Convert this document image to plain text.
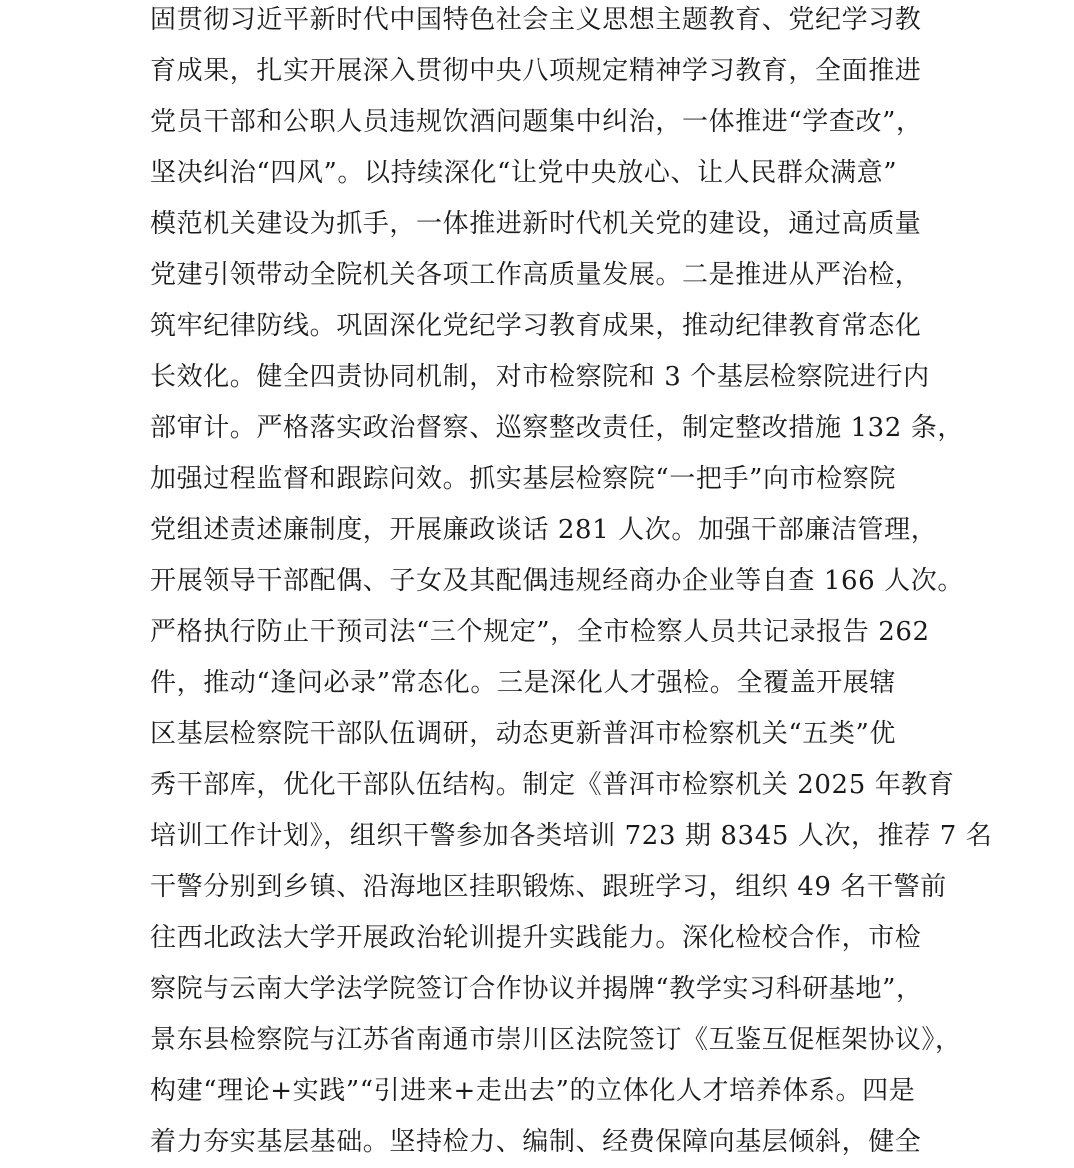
固贯彻习近平新时代中国特色社会主义思想主题教育、党纪学习教
育成果，扎实开展深入贯彻中央八项规定精神学习教育，全面推进
党员干部和公职人员违规饮酒问题集中纠治，一体推进“学查改”，
坚决纠治“四风”。以持续深化“让党中央放心、让人民群众满意”
模范机关建设为抓手，一体推进新时代机关党的建设，通过高质量
党建引领带动全院机关各项工作高质量发展。二是推进从严治检，
筑牢纪律防线。巩固深化党纪学习教育成果，推动纪律教育常态化
长效化。健全四责协同机制，对市检察院和 3 个基层检察院进行内
部审计。严格落实政治督察、巡察整改责任，制定整改措施 132 条，
加强过程监督和跟踪问效。抓实基层检察院“一把手”向市检察院
党组述责述廉制度，开展廉政谈话 281 人次。加强干部廉洁管理，
开展领导干部配偶、子女及其配偶违规经商办企业等自查 166 人次。
严格执行防止干预司法“三个规定”，全市检察人员共记录报告 262
件，推动“逢问必录”常态化。三是深化人才强检。全覆盖开展辖
区基层检察院干部队伍调研，动态更新普洱市检察机关“五类”优
秀干部库，优化干部队伍结构。制定《普洱市检察机关 2025 年教育
培训工作计划》，组织干警参加各类培训 723 期 8345 人次，推荐 7 名
干警分别到乡镇、沿海地区挂职锻炼、跟班学习，组织 49 名干警前
往西北政法大学开展政治轮训提升实践能力。深化检校合作，市检
察院与云南大学法学院签订合作协议并揭牌“教学实习科研基地”，
景东县检察院与江苏省南通市崇川区法院签订《互鉴互促框架协议》，
构建“理论+实践”“引进来+走出去”的立体化人才培养体系。四是
着力夯实基层基础。坚持检力、编制、经费保障向基层倾斜，健全
